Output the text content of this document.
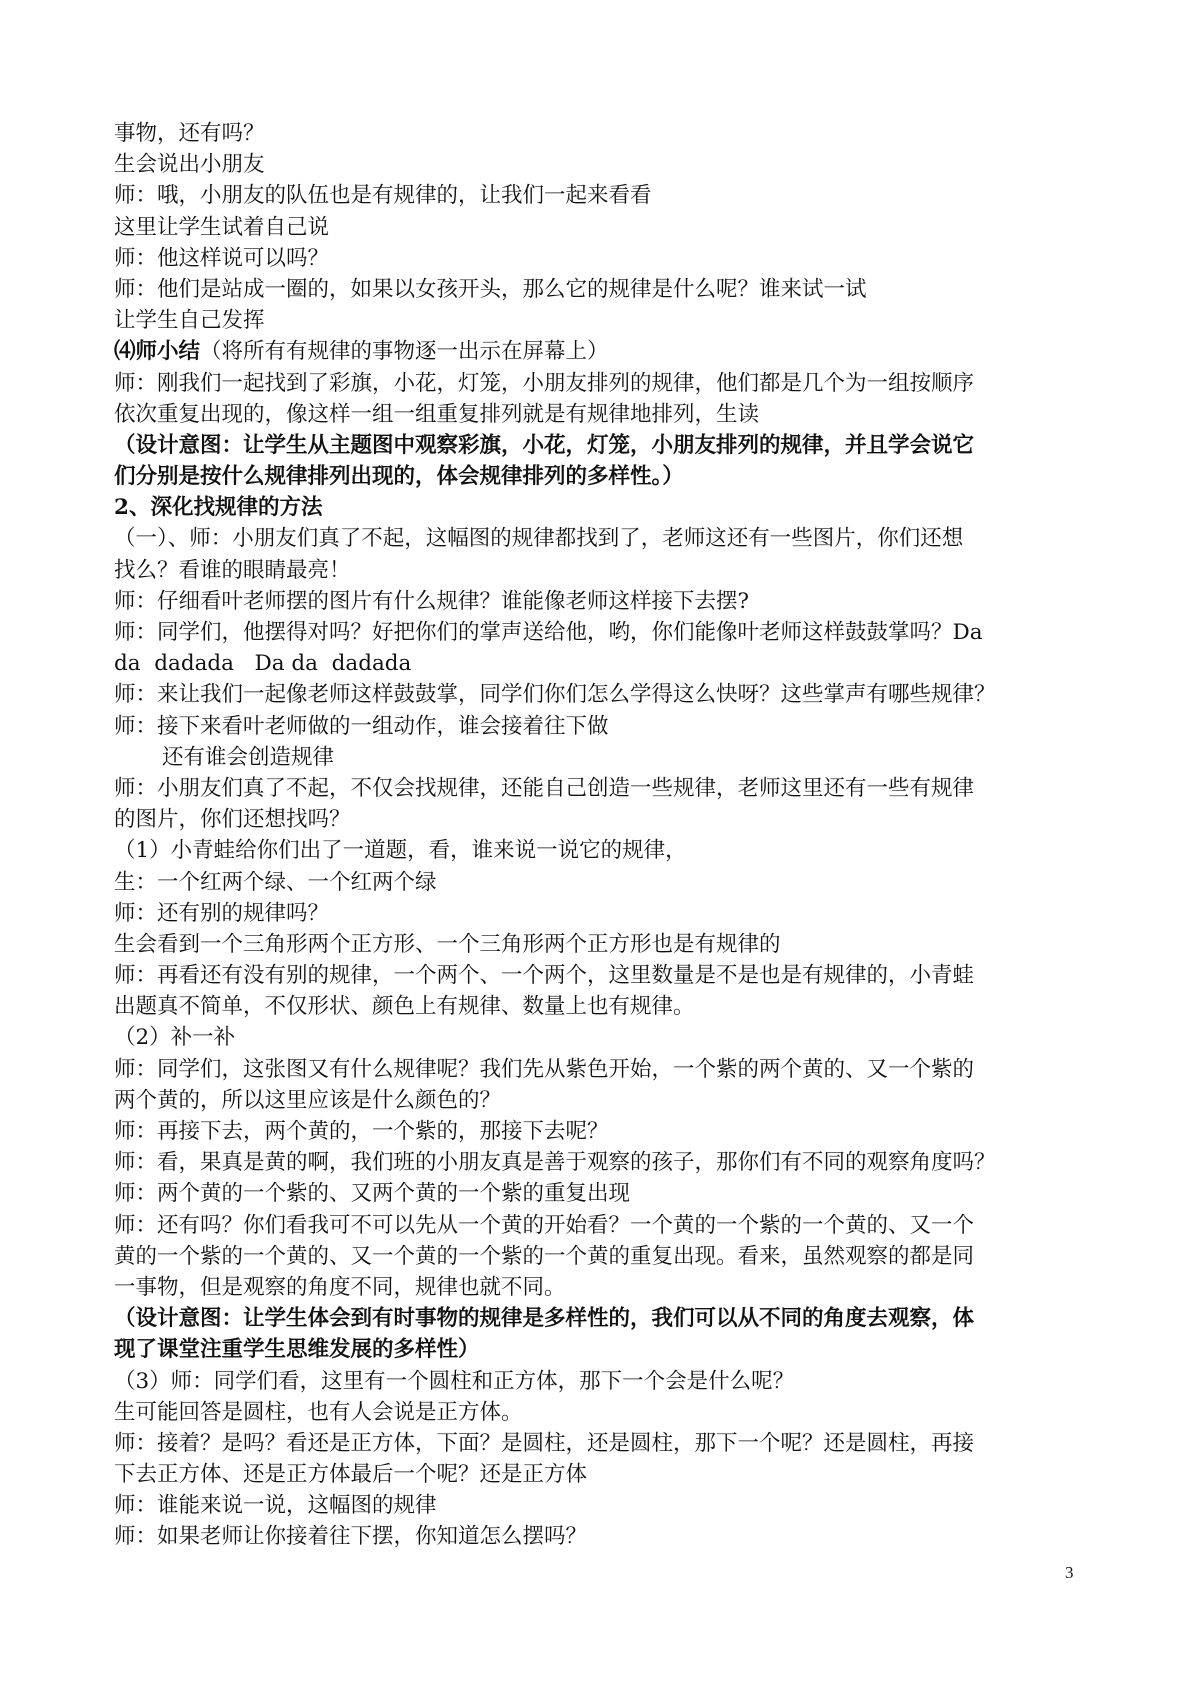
事物，还有吗？
生会说出小朋友
师：哦，小朋友的队伍也是有规律的，让我们一起来看看
这里让学生试着自己说
师：他这样说可以吗？
师：他们是站成一圈的，如果以女孩开头，那么它的规律是什么呢？谁来试一试
让学生自己发挥
⑷师小结（将所有有规律的事物逐一出示在屏幕上）
师：刚我们一起找到了彩旗，小花，灯笼，小朋友排列的规律，他们都是几个为一组按顺序
依次重复出现的，像这样一组一组重复排列就是有规律地排列，生读
（设计意图：让学生从主题图中观察彩旗，小花，灯笼，小朋友排列的规律，并且学会说它
们分别是按什么规律排列出现的，体会规律排列的多样性。）
2、深化找规律的方法
（一）、师：小朋友们真了不起，这幅图的规律都找到了，老师这还有一些图片，你们还想
找么？看谁的眼睛最亮！
师：仔细看叶老师摆的图片有什么规律？谁能像老师这样接下去摆?
师：同学们，他摆得对吗？好把你们的掌声送给他，哟，你们能像叶老师这样鼓鼓掌吗？Da
da  dadada   Da da  dadada
师：来让我们一起像老师这样鼓鼓掌，同学们你们怎么学得这么快呀？这些掌声有哪些规律？
师：接下来看叶老师做的一组动作，谁会接着往下做
还有谁会创造规律
师：小朋友们真了不起，不仅会找规律，还能自己创造一些规律，老师这里还有一些有规律
的图片，你们还想找吗？
（1）小青蛙给你们出了一道题，看，谁来说一说它的规律，
生：一个红两个绿、一个红两个绿
师：还有别的规律吗？
生会看到一个三角形两个正方形、一个三角形两个正方形也是有规律的
师：再看还有没有别的规律，一个两个、一个两个，这里数量是不是也是有规律的，小青蛙
出题真不简单，不仅形状、颜色上有规律、数量上也有规律。
（2）补一补
师：同学们，这张图又有什么规律呢？我们先从紫色开始，一个紫的两个黄的、又一个紫的
两个黄的，所以这里应该是什么颜色的？
师：再接下去，两个黄的，一个紫的，那接下去呢？
师：看，果真是黄的啊，我们班的小朋友真是善于观察的孩子，那你们有不同的观察角度吗？
师：两个黄的一个紫的、又两个黄的一个紫的重复出现
师：还有吗？你们看我可不可以先从一个黄的开始看？一个黄的一个紫的一个黄的、又一个
黄的一个紫的一个黄的、又一个黄的一个紫的一个黄的重复出现。看来，虽然观察的都是同
一事物，但是观察的角度不同，规律也就不同。
（设计意图：让学生体会到有时事物的规律是多样性的，我们可以从不同的角度去观察，体
现了课堂注重学生思维发展的多样性）
（3）师：同学们看，这里有一个圆柱和正方体，那下一个会是什么呢？
生可能回答是圆柱，也有人会说是正方体。
师：接着？是吗？看还是正方体，下面？是圆柱，还是圆柱，那下一个呢？还是圆柱，再接
下去正方体、还是正方体最后一个呢？还是正方体
师：谁能来说一说，这幅图的规律
师：如果老师让你接着往下摆，你知道怎么摆吗？
3
